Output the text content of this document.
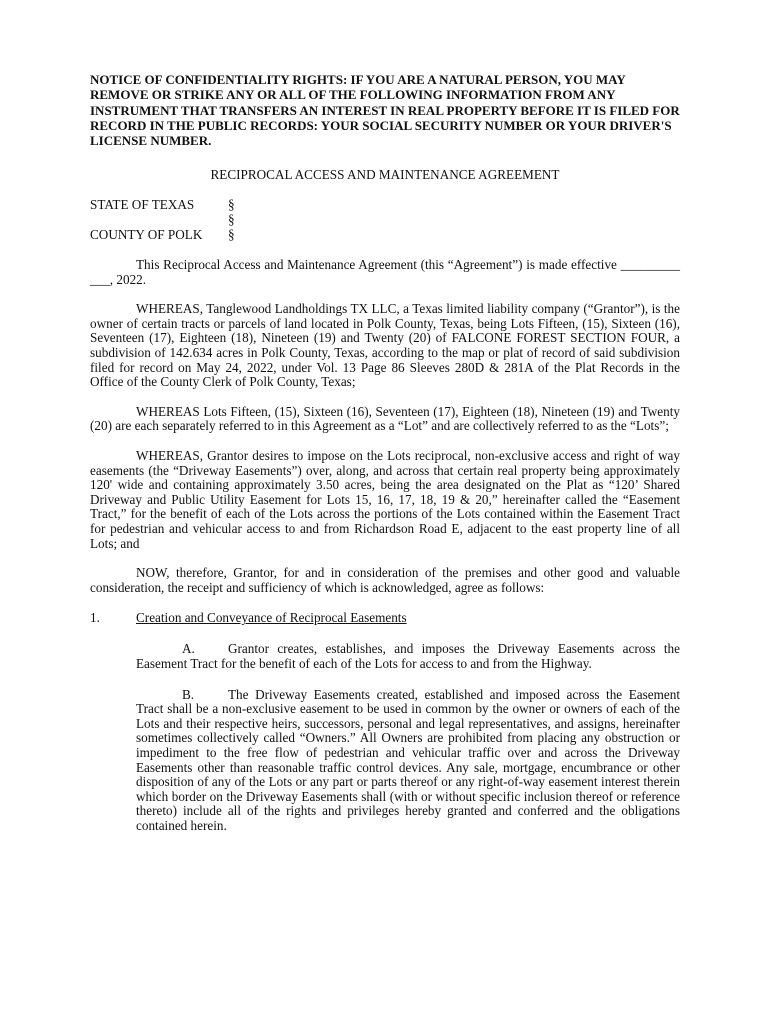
NOTICE OF CONFIDENTIALITY RIGHTS: IF YOU ARE A NATURAL PERSON, YOU MAY REMOVE OR STRIKE ANY OR ALL OF THE FOLLOWING INFORMATION FROM ANY INSTRUMENT THAT TRANSFERS AN INTEREST IN REAL PROPERTY BEFORE IT IS FILED FOR RECORD IN THE PUBLIC RECORDS: YOUR SOCIAL SECURITY NUMBER OR YOUR DRIVER'S LICENSE NUMBER.

RECIPROCAL ACCESS AND MAINTENANCE AGREEMENT
STATE OF TEXAS	§
§
COUNTY OF POLK	§

This Reciprocal Access and Maintenance Agreement (this “Agreement”) is made effective _________ ___, 2022.

WHEREAS, Tanglewood Landholdings TX LLC, a Texas limited liability company (“Grantor”), is the owner of certain tracts or parcels of land located in Polk County, Texas, being Lots Fifteen, (15), Sixteen (16), Seventeen (17), Eighteen (18), Nineteen (19) and Twenty (20) of FALCONE FOREST SECTION FOUR, a subdivision of 142.634 acres in Polk County, Texas, according to the map or plat of record of said subdivision filed for record on May 24, 2022, under Vol. 13 Page 86 Sleeves 280D & 281A of the Plat Records in the Office of the County Clerk of Polk County, Texas;

WHEREAS Lots Fifteen, (15), Sixteen (16), Seventeen (17), Eighteen (18), Nineteen (19) and Twenty (20) are each separately referred to in this Agreement as a “Lot” and are collectively referred to as the “Lots”;

WHEREAS, Grantor desires to impose on the Lots reciprocal, non-exclusive access and right of way easements (the “Driveway Easements”) over, along, and across that certain real property being approximately 120' wide and containing approximately 3.50 acres, being the area designated on the Plat as “120’ Shared Driveway and Public Utility Easement for Lots 15, 16, 17, 18, 19 & 20,” hereinafter called the “Easement Tract,” for the benefit of each of the Lots across the portions of the Lots contained within the Easement Tract for pedestrian and vehicular access to and from Richardson Road E, adjacent to the east property line of all Lots; and

NOW, therefore, Grantor, for and in consideration of the premises and other good and valuable consideration, the receipt and sufficiency of which is acknowledged, agree as follows:

1.	Creation and Conveyance of Reciprocal Easements

A.	Grantor creates, establishes, and imposes the Driveway Easements across the Easement Tract for the benefit of each of the Lots for access to and from the Highway.

B.	The Driveway Easements created, established and imposed across the Easement Tract shall be a non-exclusive easement to be used in common by the owner or owners of each of the Lots and their respective heirs, successors, personal and legal representatives, and assigns, hereinafter sometimes collectively called “Owners.” All Owners are prohibited from placing any obstruction or impediment to the free flow of pedestrian and vehicular traffic over and across the Driveway Easements other than reasonable traffic control devices. Any sale, mortgage, encumbrance or other disposition of any of the Lots or any part or parts thereof or any right-of-way easement interest therein which border on the Driveway Easements shall (with or without specific inclusion thereof or reference thereto) include all of the rights and privileges hereby granted and conferred and the obligations contained herein.
